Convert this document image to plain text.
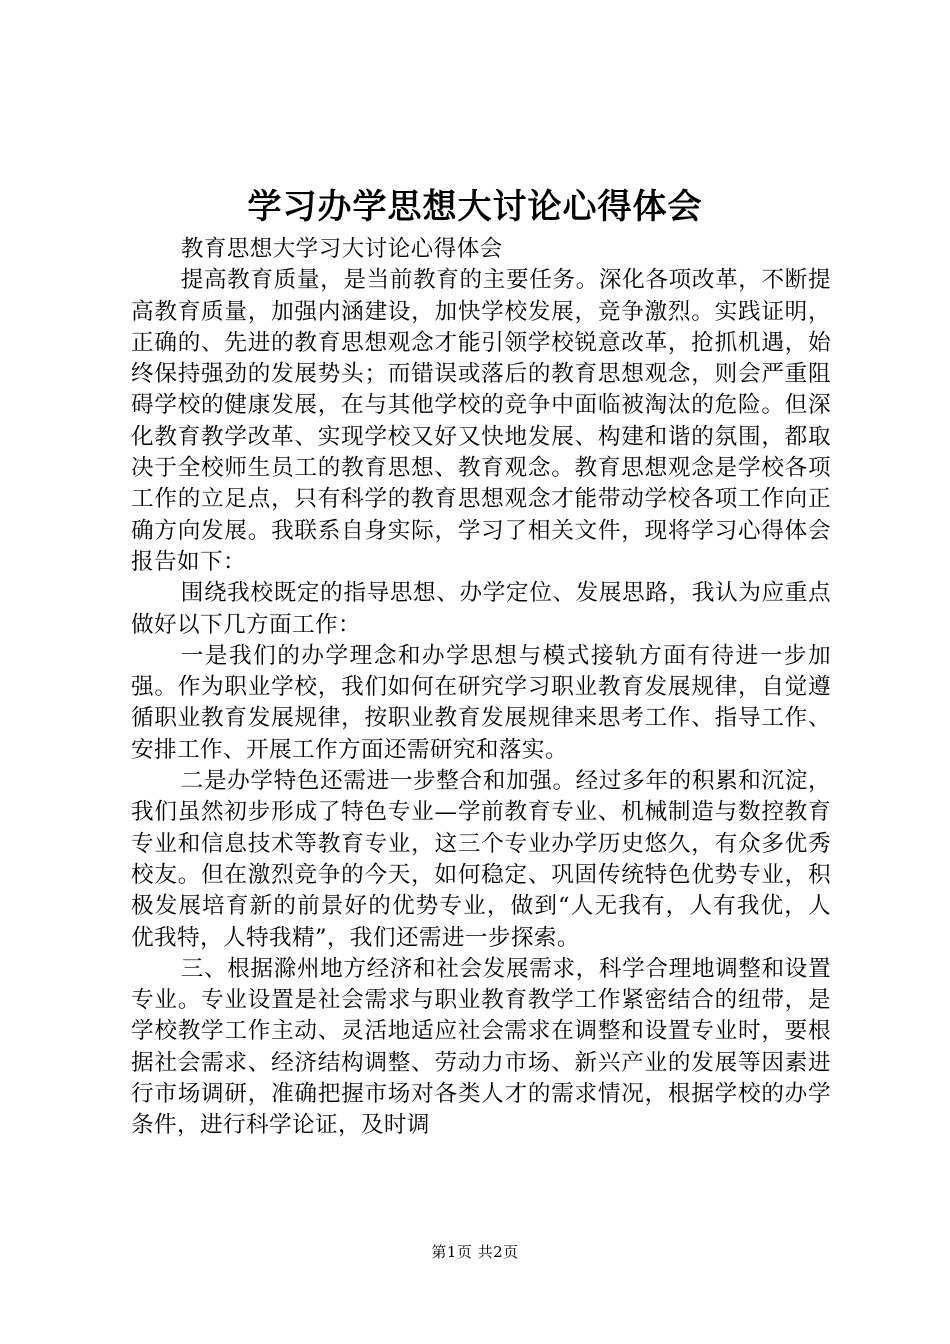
学习办学思想大讨论心得体会

教育思想大学习大讨论心得体会

提高教育质量，是当前教育的主要任务。深化各项改革，不断提高教育质量，加强内涵建设，加快学校发展，竞争激烈。实践证明，正确的、先进的教育思想观念才能引领学校锐意改革，抢抓机遇，始终保持强劲的发展势头；而错误或落后的教育思想观念，则会严重阻碍学校的健康发展，在与其他学校的竞争中面临被淘汰的危险。但深化教育教学改革、实现学校又好又快地发展、构建和谐的氛围，都取决于全校师生员工的教育思想、教育观念。教育思想观念是学校各项工作的立足点，只有科学的教育思想观念才能带动学校各项工作向正确方向发展。我联系自身实际，学习了相关文件，现将学习心得体会报告如下：

围绕我校既定的指导思想、办学定位、发展思路，我认为应重点做好以下几方面工作：

一是我们的办学理念和办学思想与模式接轨方面有待进一步加强。作为职业学校，我们如何在研究学习职业教育发展规律，自觉遵循职业教育发展规律，按职业教育发展规律来思考工作、指导工作、安排工作、开展工作方面还需研究和落实。

二是办学特色还需进一步整合和加强。经过多年的积累和沉淀，我们虽然初步形成了特色专业—学前教育专业、机械制造与数控教育专业和信息技术等教育专业，这三个专业办学历史悠久，有众多优秀校友。但在激烈竞争的今天，如何稳定、巩固传统特色优势专业，积极发展培育新的前景好的优势专业，做到“人无我有，人有我优，人优我特，人特我精”，我们还需进一步探索。

三、根据滁州地方经济和社会发展需求，科学合理地调整和设置专业。专业设置是社会需求与职业教育教学工作紧密结合的纽带，是学校教学工作主动、灵活地适应社会需求在调整和设置专业时，要根据社会需求、经济结构调整、劳动力市场、新兴产业的发展等因素进行市场调研，准确把握市场对各类人才的需求情况，根据学校的办学条件，进行科学论证，及时调

第1页 共2页
